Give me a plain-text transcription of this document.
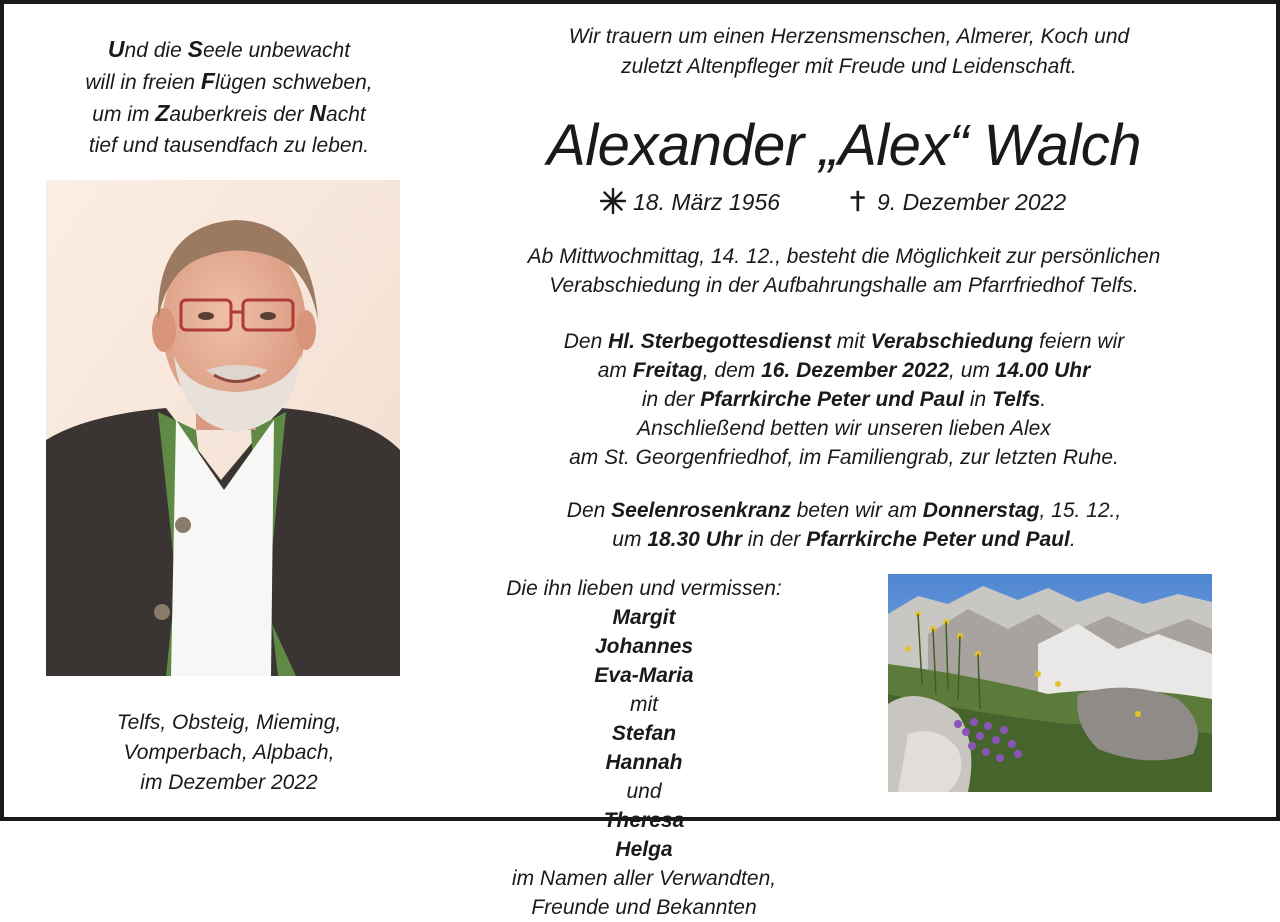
Und die Seele unbewacht
will in freien Flügen schweben,
um im Zauberkreis der Nacht
tief und tausendfach zu leben.
Telfs, Obsteig, Mieming,
Vomperbach, Alpbach,
im Dezember 2022
Wir trauern um einen Herzensmenschen, Almerer, Koch und
zuletzt Altenpfleger mit Freude und Leidenschaft.
Alexander „Alex“ Walch
18. März 1956	9. Dezember 2022
Ab Mittwochmittag, 14. 12., besteht die Möglichkeit zur persönlichen
Verabschiedung in der Aufbahrungshalle am Pfarrfriedhof Telfs.
Den Hl. Sterbegottesdienst mit Verabschiedung feiern wir
am Freitag, dem 16. Dezember 2022, um 14.00 Uhr
in der Pfarrkirche Peter und Paul in Telfs.
Anschließend betten wir unseren lieben Alex
am St. Georgenfriedhof, im Familiengrab, zur letzten Ruhe.
Den Seelenrosenkranz beten wir am Donnerstag, 15. 12.,
um 18.30 Uhr in der Pfarrkirche Peter und Paul.
Die ihn lieben und vermissen:
Margit
Johannes
Eva-Maria
mit
Stefan
Hannah
und
Theresa
Helga
im Namen aller Verwandten,
Freunde und Bekannten
